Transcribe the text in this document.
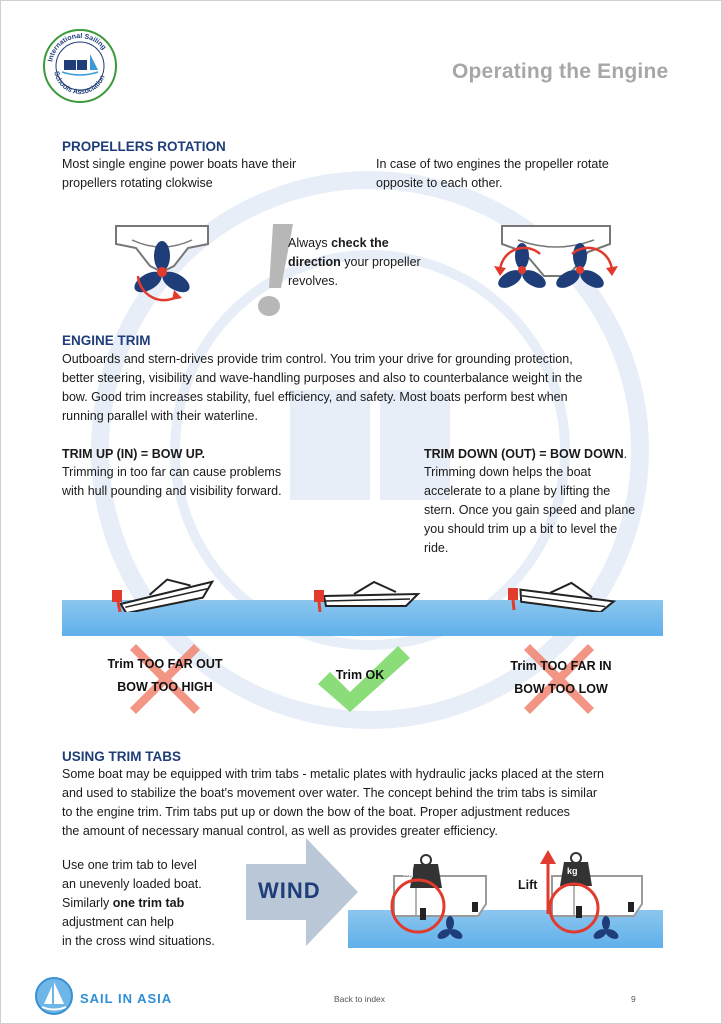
International Sailing
Schools Association	Operating the Engine
PROPELLERS ROTATION
Most single engine power boats have their
propellers rotating clokwise
In case of two engines the propeller rotate
opposite to each other.
Always check the
direction your propeller
revolves.
ENGINE TRIM
Outboards and stern-drives provide trim control. You trim your drive for grounding protection,
better steering, visibility and wave-handling purposes and also to counterbalance weight in the
bow. Good trim increases stability, fuel efficiency, and safety. Most boats perform best when
running parallel with their waterline.
TRIM UP (IN) = BOW UP.
Trimming in too far can cause problems
with hull pounding and visibility forward.
TRIM DOWN (OUT) = BOW DOWN.
Trimming down helps the boat
accelerate to a plane by lifting the
stern. Once you gain speed and plane
you should trim up a bit to level the
ride.
Trim TOO FAR OUT
BOW TOO HIGH
Trim OK
Trim TOO FAR IN
BOW TOO LOW
USING TRIM TABS
Some boat may be equipped with trim tabs - metalic plates with hydraulic jacks placed at the stern
and used to stabilize the boat's movement over water. The concept behind the trim tabs is similar
to the engine trim. Trim tabs put up or down the bow of the boat. Proper adjustment reduces
the amount of necessary manual control, as well as provides greater efficiency.
Use one trim tab to level
an unevenly loaded boat.
Similarly one trim tab
adjustment can help
in the cross wind situations.
WIND
kg	kg
Lift
SAIL IN ASIA	Back to index	9
